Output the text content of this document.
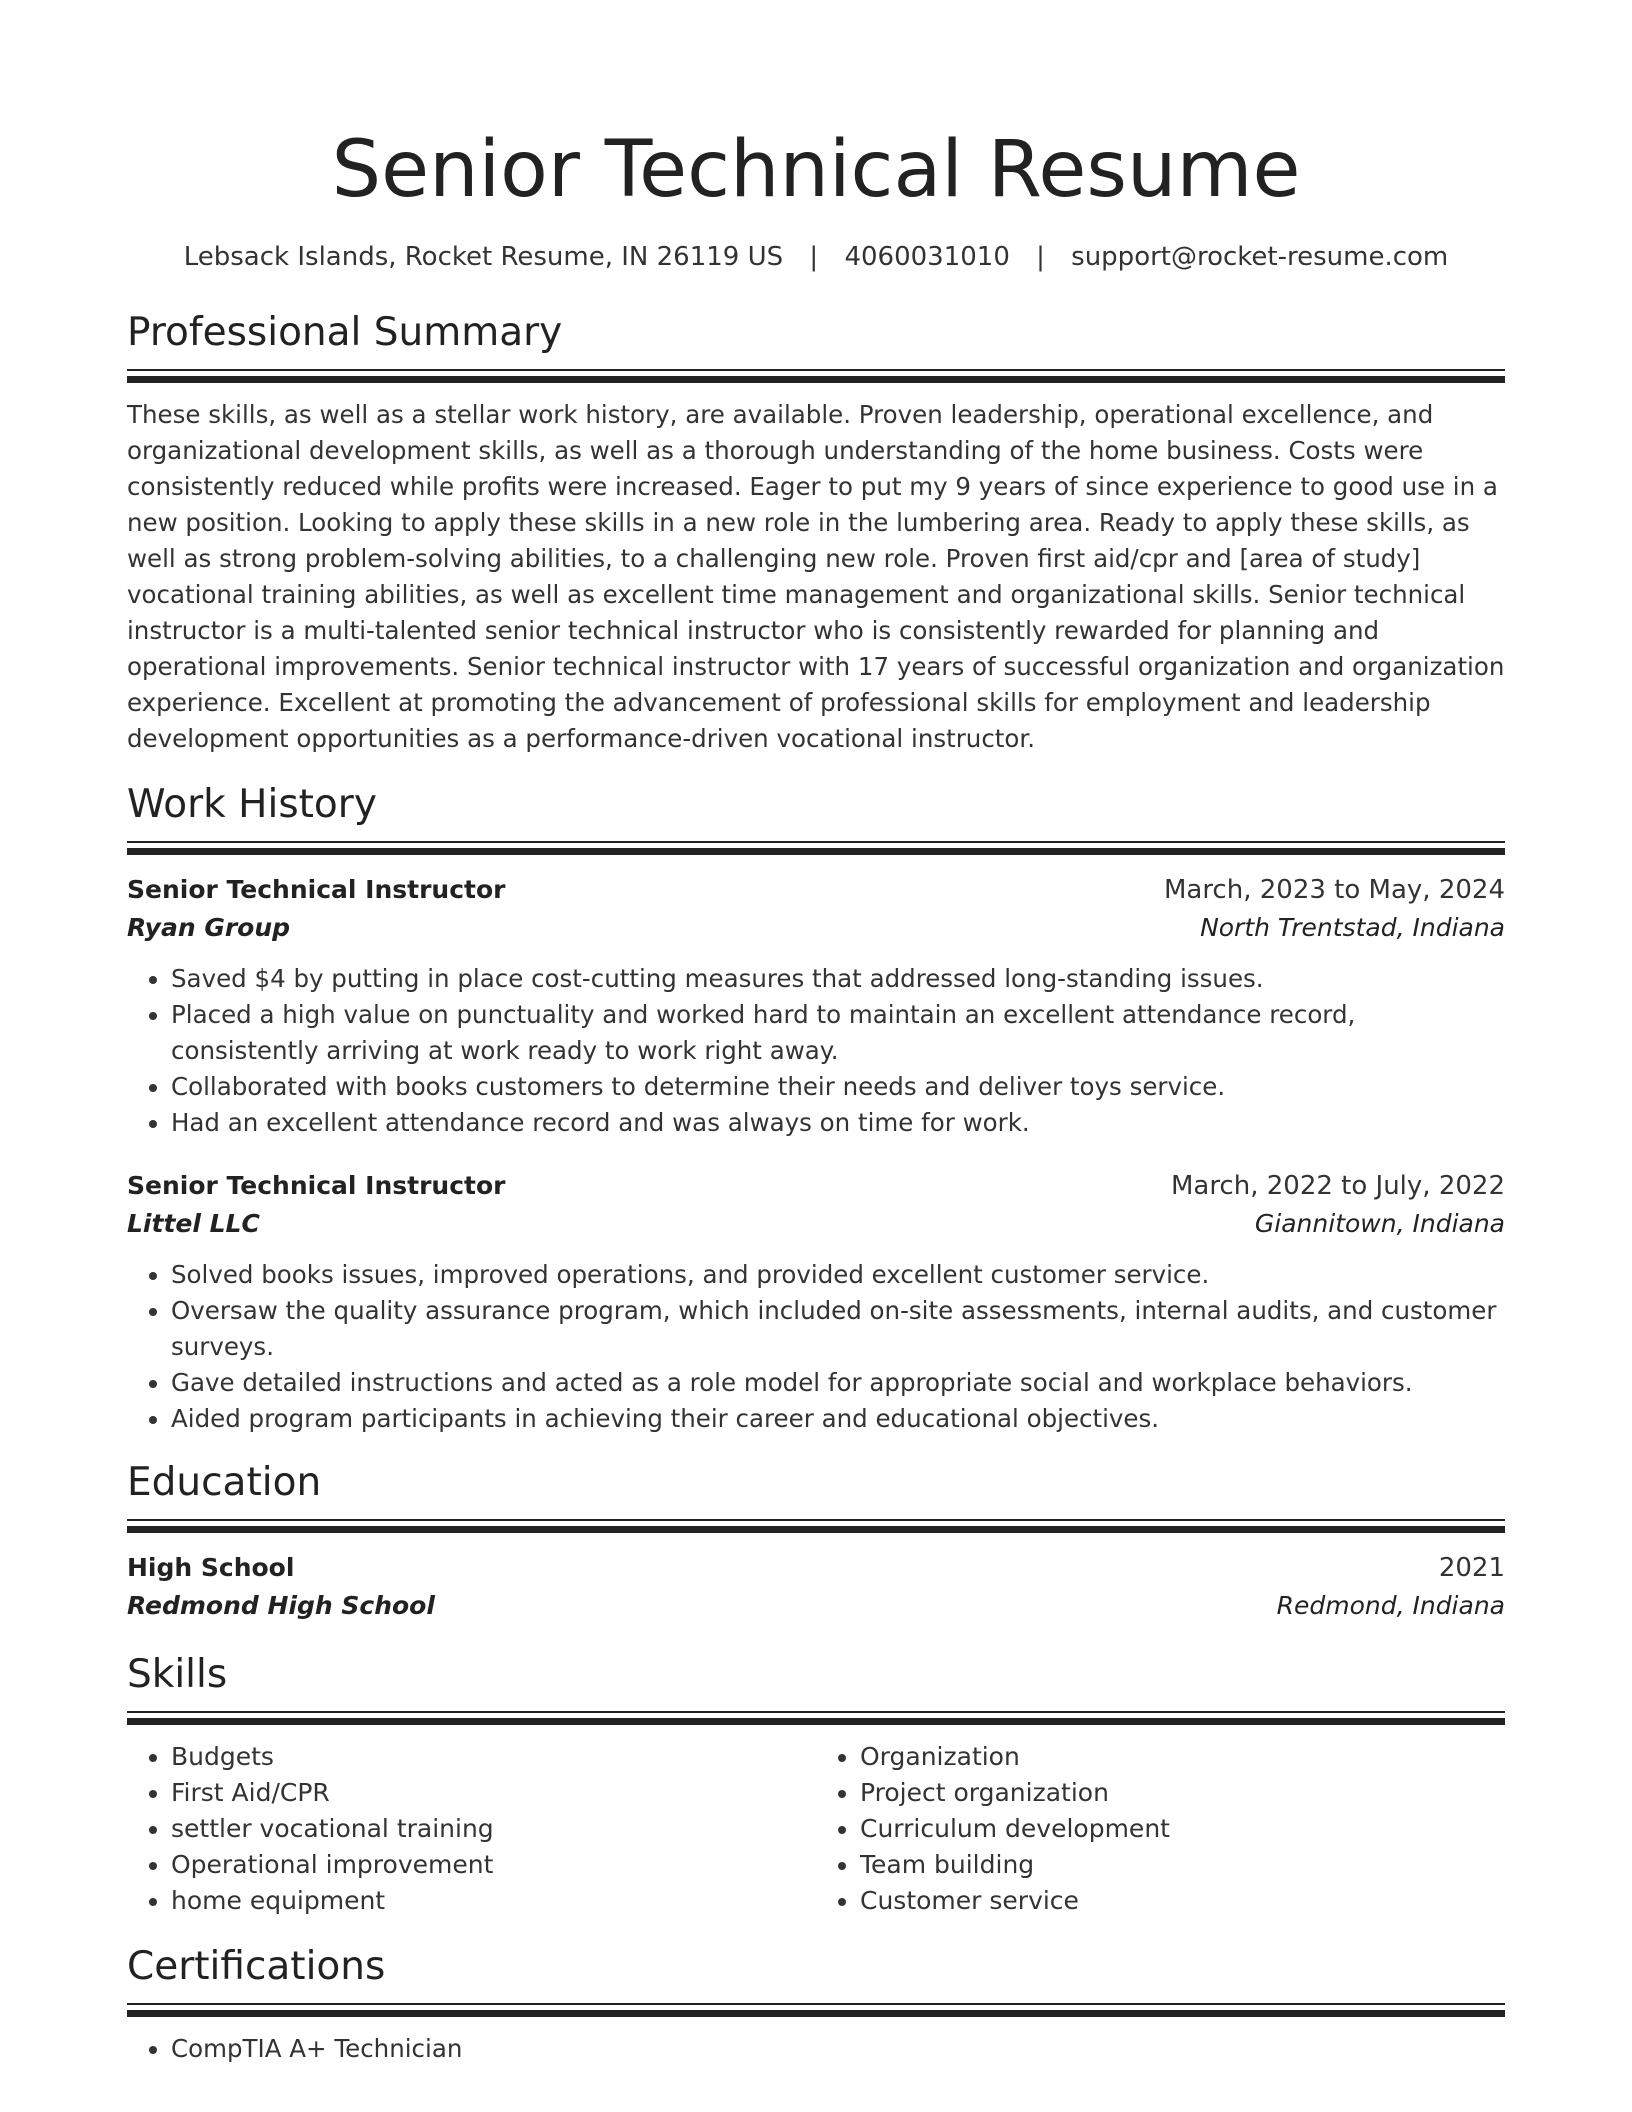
Senior Technical Resume
Lebsack Islands, Rocket Resume, IN 26119 US | 4060031010 | support@rocket-resume.com
Professional Summary
These skills, as well as a stellar work history, are available. Proven leadership, operational excellence, and organizational development skills, as well as a thorough understanding of the home business. Costs were consistently reduced while profits were increased. Eager to put my 9 years of since experience to good use in a new position. Looking to apply these skills in a new role in the lumbering area. Ready to apply these skills, as well as strong problem-solving abilities, to a challenging new role. Proven first aid/cpr and [area of study] vocational training abilities, as well as excellent time management and organizational skills. Senior technical instructor is a multi-talented senior technical instructor who is consistently rewarded for planning and operational improvements. Senior technical instructor with 17 years of successful organization and organization experience. Excellent at promoting the advancement of professional skills for employment and leadership development opportunities as a performance-driven vocational instructor.
Work History
Senior Technical Instructor	March, 2023 to May, 2024
Ryan Group	North Trentstad, Indiana
• Saved $4 by putting in place cost-cutting measures that addressed long-standing issues.
• Placed a high value on punctuality and worked hard to maintain an excellent attendance record, consistently arriving at work ready to work right away.
• Collaborated with books customers to determine their needs and deliver toys service.
• Had an excellent attendance record and was always on time for work.
Senior Technical Instructor	March, 2022 to July, 2022
Littel LLC	Giannitown, Indiana
• Solved books issues, improved operations, and provided excellent customer service.
• Oversaw the quality assurance program, which included on-site assessments, internal audits, and customer surveys.
• Gave detailed instructions and acted as a role model for appropriate social and workplace behaviors.
• Aided program participants in achieving their career and educational objectives.
Education
High School	2021
Redmond High School	Redmond, Indiana
Skills
• Budgets
• First Aid/CPR
• settler vocational training
• Operational improvement
• home equipment
• Organization
• Project organization
• Curriculum development
• Team building
• Customer service
Certifications
• CompTIA A+ Technician
